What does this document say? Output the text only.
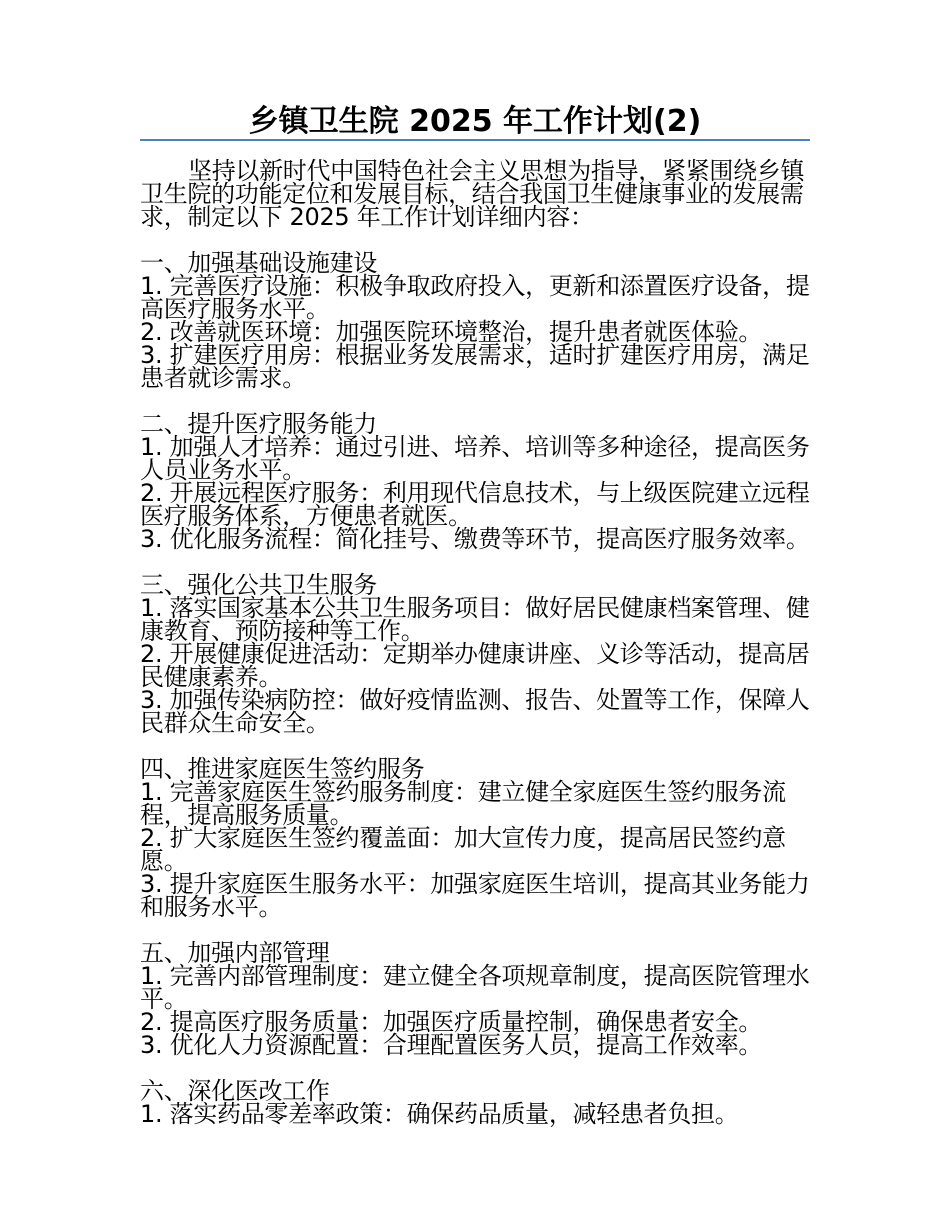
乡镇卫生院 2025 年工作计划(2)

坚持以新时代中国特色社会主义思想为指导，紧紧围绕乡镇卫生院的功能定位和发展目标，结合我国卫生健康事业的发展需求，制定以下 2025 年工作计划详细内容：

一、加强基础设施建设

1. 完善医疗设施：积极争取政府投入，更新和添置医疗设备，提高医疗服务水平。

2. 改善就医环境：加强医院环境整治，提升患者就医体验。

3. 扩建医疗用房：根据业务发展需求，适时扩建医疗用房，满足患者就诊需求。

二、提升医疗服务能力

1. 加强人才培养：通过引进、培养、培训等多种途径，提高医务人员业务水平。

2. 开展远程医疗服务：利用现代信息技术，与上级医院建立远程医疗服务体系，方便患者就医。

3. 优化服务流程：简化挂号、缴费等环节，提高医疗服务效率。

三、强化公共卫生服务

1. 落实国家基本公共卫生服务项目：做好居民健康档案管理、健康教育、预防接种等工作。

2. 开展健康促进活动：定期举办健康讲座、义诊等活动，提高居民健康素养。

3. 加强传染病防控：做好疫情监测、报告、处置等工作，保障人民群众生命安全。

四、推进家庭医生签约服务

1. 完善家庭医生签约服务制度：建立健全家庭医生签约服务流程，提高服务质量。

2. 扩大家庭医生签约覆盖面：加大宣传力度，提高居民签约意愿。

3. 提升家庭医生服务水平：加强家庭医生培训，提高其业务能力和服务水平。

五、加强内部管理

1. 完善内部管理制度：建立健全各项规章制度，提高医院管理水平。

2. 提高医疗服务质量：加强医疗质量控制，确保患者安全。

3. 优化人力资源配置：合理配置医务人员，提高工作效率。

六、深化医改工作

1. 落实药品零差率政策：确保药品质量，减轻患者负担。
